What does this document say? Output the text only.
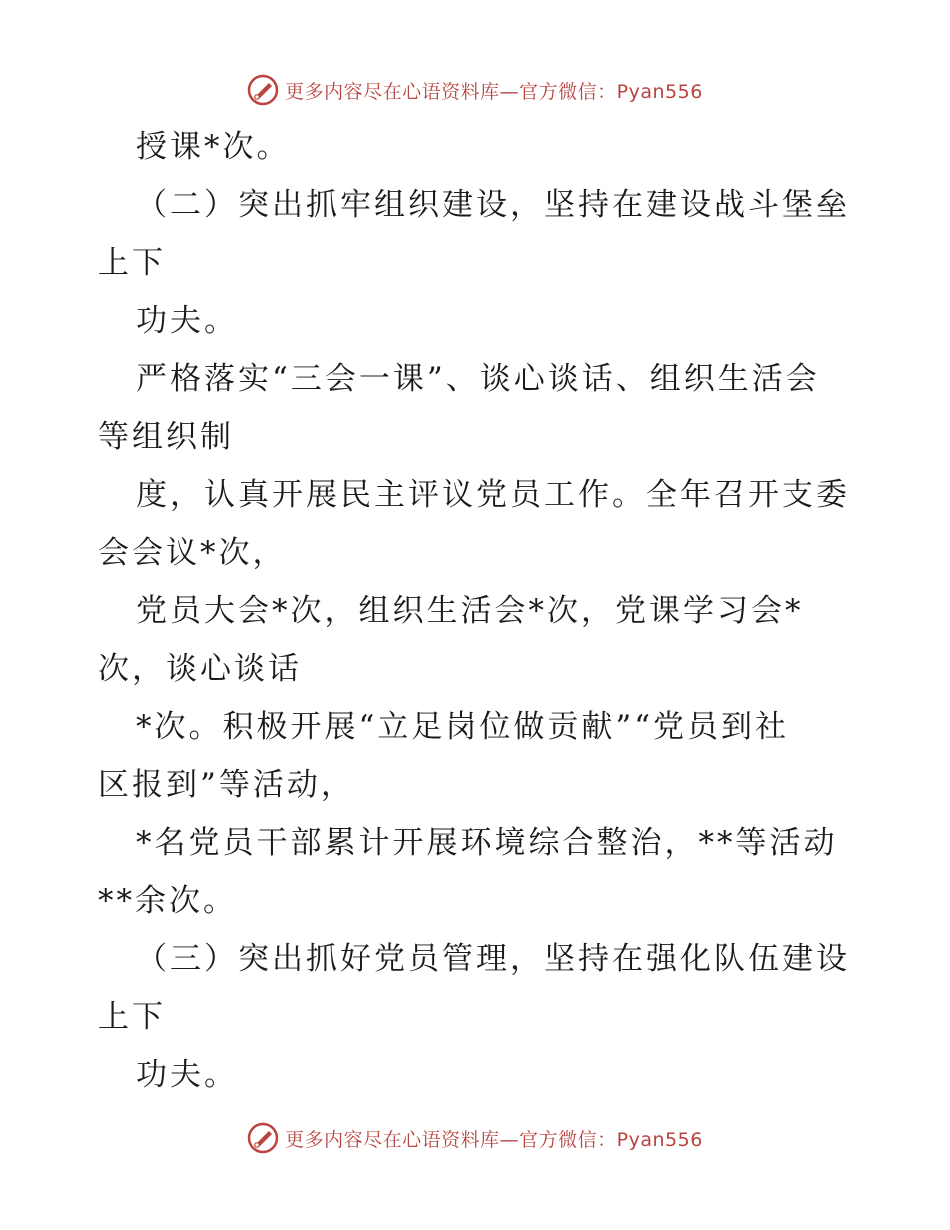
更多内容尽在心语资料库—官方微信：Pyan556
授课*次。
（二）突出抓牢组织建设，坚持在建设战斗堡垒
上下
功夫。
严格落实“三会一课”、谈心谈话、组织生活会
等组织制
度，认真开展民主评议党员工作。全年召开支委
会会议*次，
党员大会*次，组织生活会*次，党课学习会*
次，谈心谈话
*次。积极开展“立足岗位做贡献”“党员到社
区报到”等活动，
*名党员干部累计开展环境综合整治，**等活动
**余次。
（三）突出抓好党员管理，坚持在强化队伍建设
上下
功夫。
更多内容尽在心语资料库—官方微信：Pyan556
